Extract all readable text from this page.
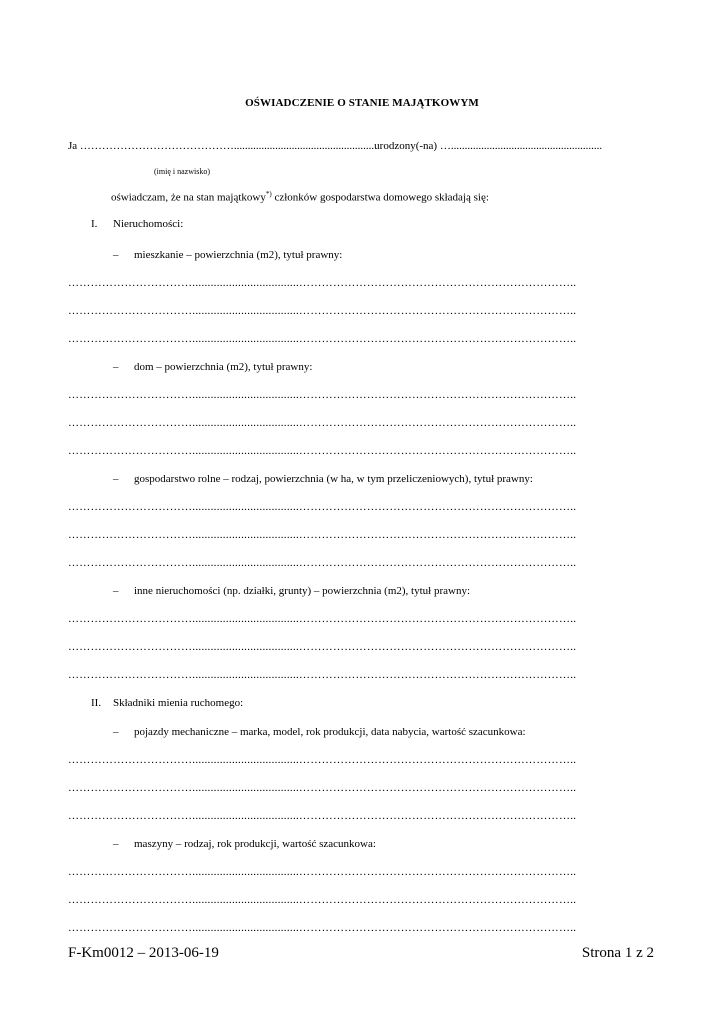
OŚWIADCZENIE O STANIE MAJĄTKOWYM
Ja ……………………………………...................................................urodzony(-na) ….......................................................
(imię i nazwisko)
oświadczam, że na stan majątkowy*) członków gospodarstwa domowego składają się:
I. Nieruchomości:
– mieszkanie – powierzchnia (m2), tytuł prawny:
……………………………...................................………………………………………………………………..
……………………………...................................………………………………………………………………..
……………………………...................................………………………………………………………………..
– dom – powierzchnia (m2), tytuł prawny:
……………………………...................................………………………………………………………………..
……………………………...................................………………………………………………………………..
……………………………...................................………………………………………………………………..
– gospodarstwo rolne – rodzaj, powierzchnia (w ha, w tym przeliczeniowych), tytuł prawny:
……………………………...................................………………………………………………………………..
……………………………...................................………………………………………………………………..
……………………………...................................………………………………………………………………..
– inne nieruchomości (np. działki, grunty) – powierzchnia (m2), tytuł prawny:
……………………………...................................………………………………………………………………..
……………………………...................................………………………………………………………………..
……………………………...................................………………………………………………………………..
II. Składniki mienia ruchomego:
– pojazdy mechaniczne – marka, model, rok produkcji, data nabycia, wartość szacunkowa:
……………………………...................................………………………………………………………………..
……………………………...................................………………………………………………………………..
……………………………...................................………………………………………………………………..
– maszyny – rodzaj, rok produkcji, wartość szacunkowa:
……………………………...................................………………………………………………………………..
……………………………...................................………………………………………………………………..
……………………………...................................………………………………………………………………..
F-Km0012 – 2013-06-19	Strona 1 z 2
